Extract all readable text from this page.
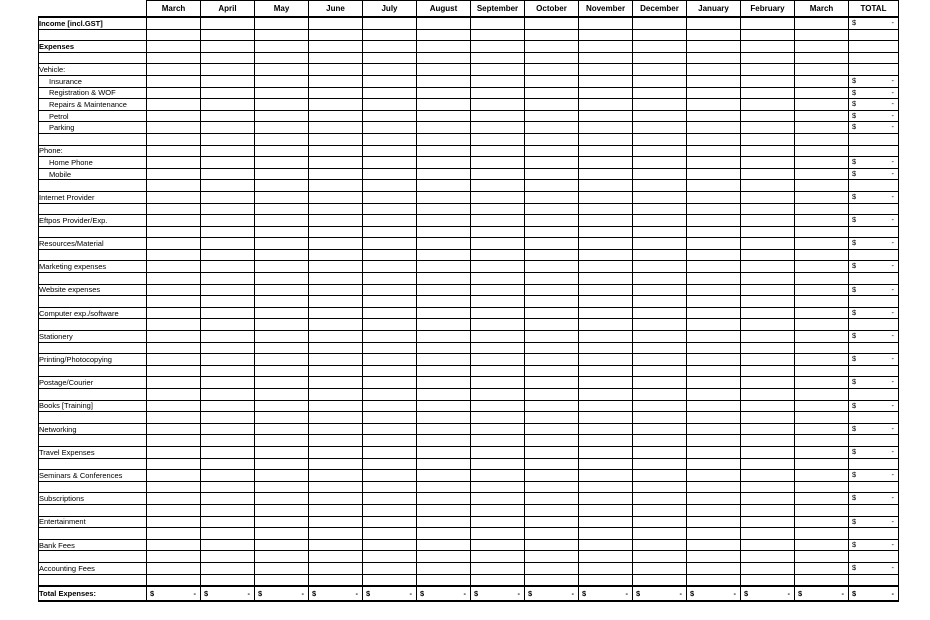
	March	April	May	June	July	August	September	October	November	December	January	February	March	TOTAL
Income [incl.GST]														$ -

Expenses														

Vehicle:														
Insurance														$ -

Registration & WOF														$ -

Repairs & Maintenance														$ -

Petrol														$ -

Parking														$ -

Phone:														
Home Phone														$ -

Mobile														$ -

Internet Provider														$ -

Eftpos Provider/Exp.														$ -

Resources/Material														$ -

Marketing expenses														$ -

Website expenses														$ -

Computer exp./software														$ -

Stationery														$ -

Printing/Photocopying														$ -

Postage/Courier														$ -

Books [Training]														$ -

Networking														$ -

Travel Expenses														$ -

Seminars & Conferences														$ -

Subscriptions														$ -

Entertainment														$ -

Bank Fees														$ -

Accounting Fees														$ -

Total Expenses:	$ -	$ -	$ -	$ -	$ -	$ -	$ -	$ -	$ -	$ -	$ -	$ -	$ -	$ -
